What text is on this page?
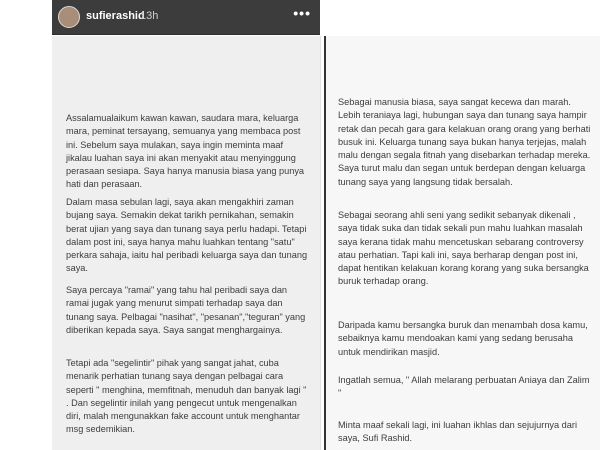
sufierashid
13h	•••

Assalamualaikum kawan kawan, saudara mara, keluarga mara, peminat tersayang, semuanya yang membaca post ini. Sebelum saya mulakan, saya ingin meminta maaf jikalau luahan saya ini akan menyakit atau menyinggung perasaan sesiapa. Saya hanya manusia biasa yang punya hati dan perasaan.

Dalam masa sebulan lagi, saya akan mengakhiri zaman bujang saya. Semakin dekat tarikh pernikahan, semakin berat ujian yang saya dan tunang saya perlu hadapi. Tetapi dalam post ini, saya hanya mahu luahkan tentang "satu" perkara sahaja, iaitu hal peribadi keluarga saya dan tunang saya.

Saya percaya "ramai" yang tahu hal peribadi saya dan ramai jugak yang menurut simpati terhadap saya dan tunang saya. Pelbagai "nasihat", "pesanan","teguran" yang diberikan kepada saya. Saya sangat menghargainya.

Tetapi ada "segelintir" pihak yang sangat jahat, cuba menarik perhatian tunang saya dengan pelbagai cara seperti " menghina, memfitnah, menuduh dan banyak lagi " . Dan segelintir inilah yang pengecut untuk mengenalkan diri, malah mengunakkan fake account untuk menghantar msg sedemikian.

Sebagai manusia biasa, saya sangat kecewa dan marah. Lebih teraniaya lagi, hubungan saya dan tunang saya hampir retak dan pecah gara gara kelakuan orang orang yang berhati busuk ini. Keluarga tunang saya bukan hanya terjejas, malah malu dengan segala fitnah yang disebarkan terhadap mereka. Saya turut malu dan segan untuk berdepan dengan keluarga tunang saya yang langsung tidak bersalah.

Sebagai seorang ahli seni yang sedikit sebanyak dikenali , saya tidak suka dan tidak sekali pun mahu luahkan masalah saya kerana tidak mahu mencetuskan sebarang controversy atau perhatian. Tapi kali ini, saya berharap dengan post ini, dapat hentikan kelakuan korang korang yang suka bersangka buruk terhadap orang.

Daripada kamu bersangka buruk dan menambah dosa kamu, sebaiknya kamu mendoakan kami yang sedang berusaha untuk mendirikan masjid.

Ingatlah semua, " Allah melarang perbuatan Aniaya dan Zalim "

Minta maaf sekali lagi, ini luahan ikhlas dan sejujurnya dari saya, Sufi Rashid.
